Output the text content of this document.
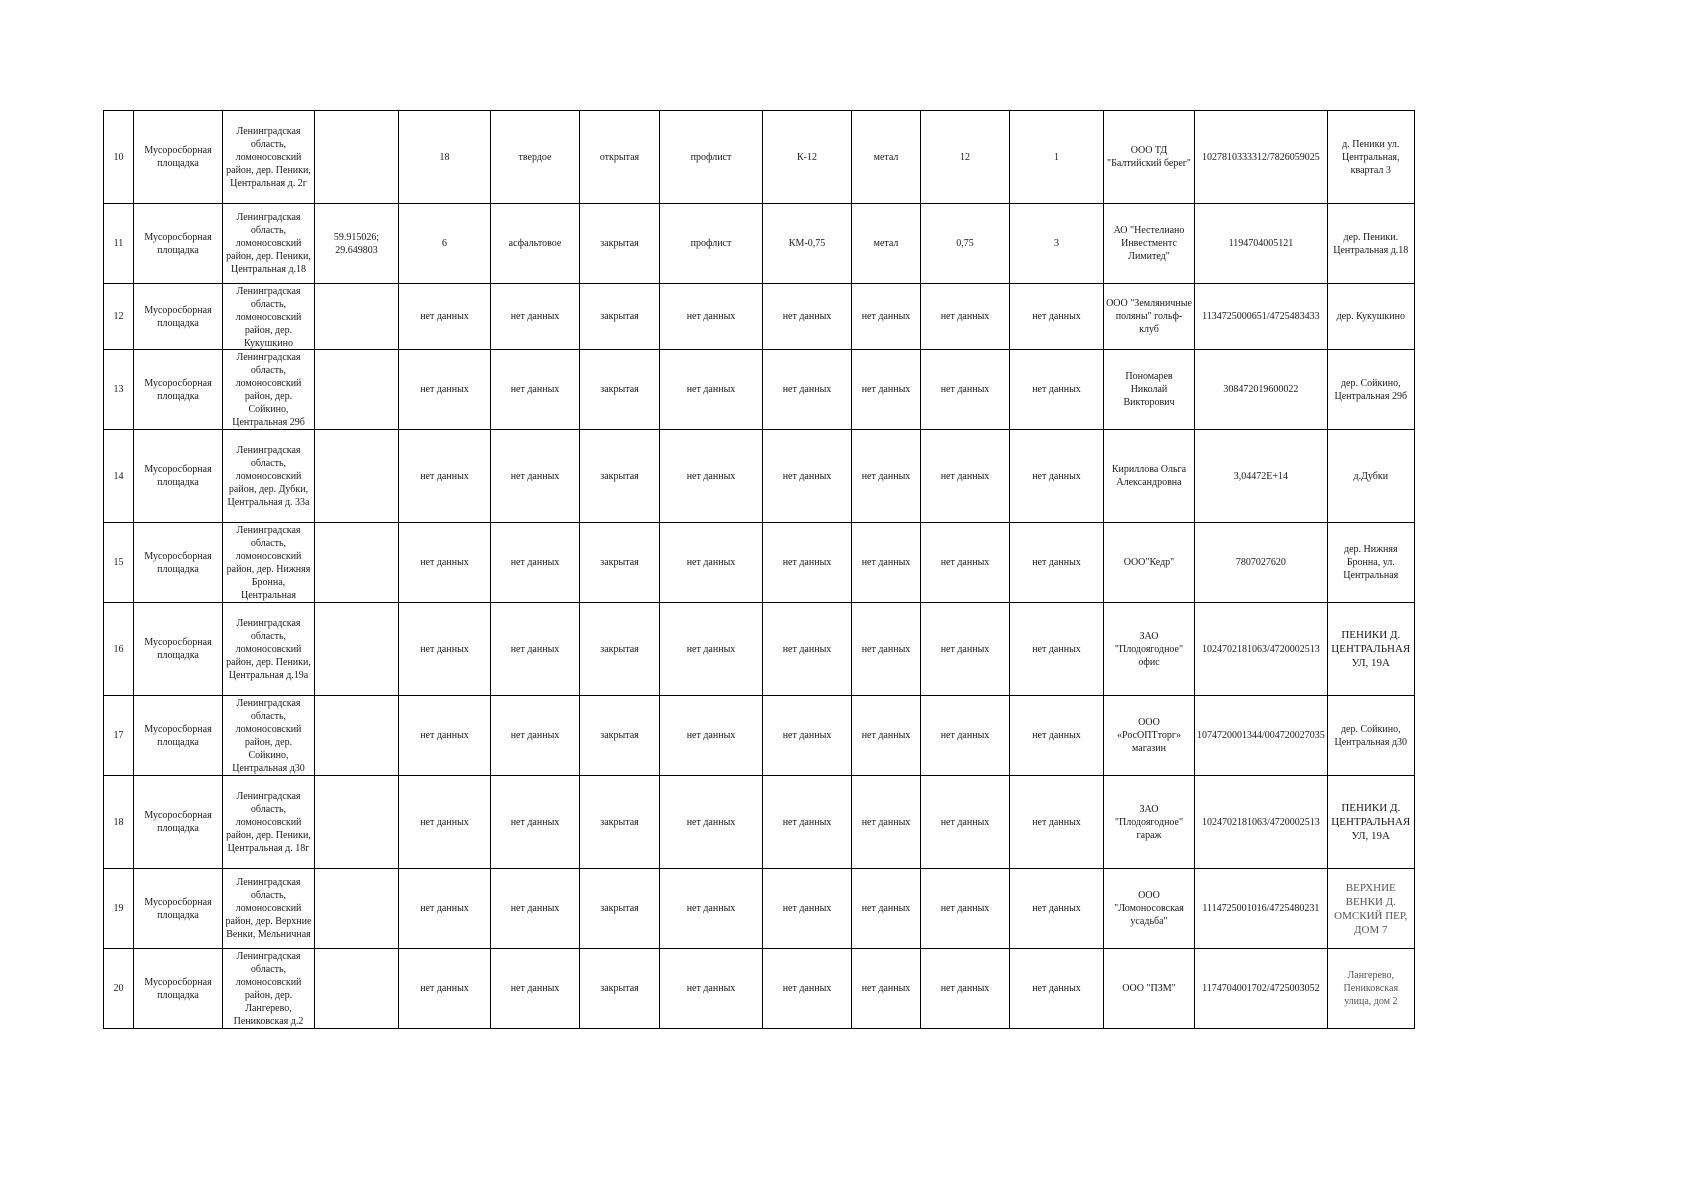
10	Мусоросборная площадка	Ленинградская область, ломоносовский район, дер. Пеники, Центральная д. 2г		18	твердое	открытая	профлист	К-12	метал	12	1	ООО ТД "Балтийский берег"	1027810333312/7826059025	д. Пеники ул. Центральная, квартал 3

11	Мусоросборная площадка	Ленинградская область, ломоносовский район, дер. Пеники, Центральная д.18	59.915026; 29.649803	6	асфальтовое	закрытая	профлист	КМ-0,75	метал	0,75	3	АО "Нестелиано Инвестментс Лимитед"	1194704005121	дер. Пеники. Центральная д.18

12	Мусоросборная площадка	Ленинградская область, ломоносовский район, дер. Кукушкино		нет данных	нет данных	закрытая	нет данных	нет данных	нет данных	нет данных	нет данных	ООО "Земляничные поляны" гольф-клуб	1134725000651/4725483433	дер. Кукушкино

13	Мусоросборная площадка	Ленинградская область, ломоносовский район, дер. Сойкино, Центральная 29б		нет данных	нет данных	закрытая	нет данных	нет данных	нет данных	нет данных	нет данных	Пономарев Николай Викторович	308472019600022	дер. Сойкино, Центральная 29б

14	Мусоросборная площадка	Ленинградская область, ломоносовский район, дер. Дубки, Центральная д. 33а		нет данных	нет данных	закрытая	нет данных	нет данных	нет данных	нет данных	нет данных	Кириллова Ольга Александровна	3,04472E+14	д.Дубки

15	Мусоросборная площадка	Ленинградская область, ломоносовский район, дер. Нижняя Бронна, Центральная		нет данных	нет данных	закрытая	нет данных	нет данных	нет данных	нет данных	нет данных	ООО"Кедр"	7807027620	дер. Нижняя Бронна, ул. Центральная

16	Мусоросборная площадка	Ленинградская область, ломоносовский район, дер. Пеники, Центральная д.19а		нет данных	нет данных	закрытая	нет данных	нет данных	нет данных	нет данных	нет данных	ЗАО "Плодоягодное" офис	1024702181063/4720002513	ПЕНИКИ Д. ЦЕНТРАЛЬНАЯ УЛ, 19А

17	Мусоросборная площадка	Ленинградская область, ломоносовский район, дер. Сойкино, Центральная д30		нет данных	нет данных	закрытая	нет данных	нет данных	нет данных	нет данных	нет данных	ООО «РосОПТторг» магазин	1074720001344/004720027035	дер. Сойкино, Центральная д30

18	Мусоросборная площадка	Ленинградская область, ломоносовский район, дер. Пеники, Центральная д. 18г		нет данных	нет данных	закрытая	нет данных	нет данных	нет данных	нет данных	нет данных	ЗАО "Плодоягодное" гараж	1024702181063/4720002513	ПЕНИКИ Д. ЦЕНТРАЛЬНАЯ УЛ, 19А

19	Мусоросборная площадка	Ленинградская область, ломоносовский район, дер. Верхние Венки, Мельничная		нет данных	нет данных	закрытая	нет данных	нет данных	нет данных	нет данных	нет данных	ООО "Ломоносовская усадьба"	1114725001016/4725480231	ВЕРХНИЕ ВЕНКИ Д. ОМСКИЙ ПЕР, ДОМ 7

20	Мусоросборная площадка	Ленинградская область, ломоносовский район, дер. Лангерево, Пениковская д.2		нет данных	нет данных	закрытая	нет данных	нет данных	нет данных	нет данных	нет данных	ООО "ПЗМ"	1174704001702/4725003052	Лангерево, Пениковская улица, дом 2
